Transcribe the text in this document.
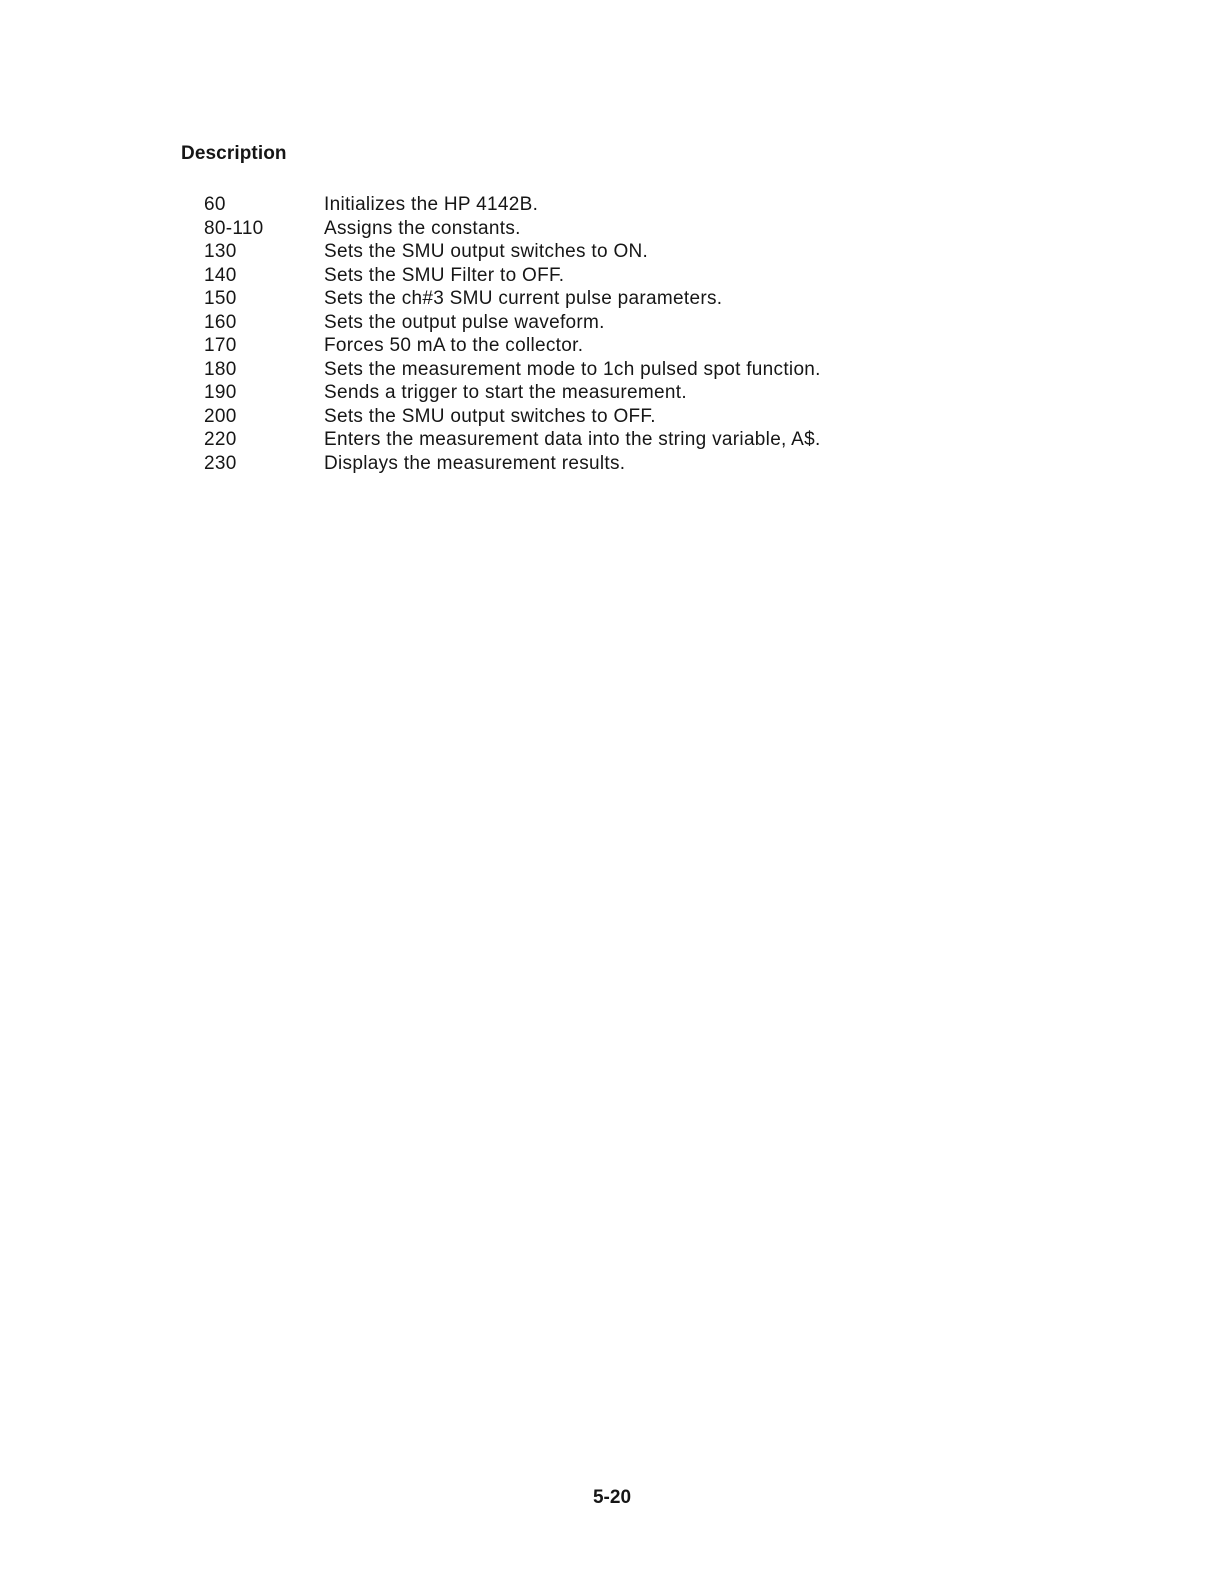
Description
60	Initializes the HP 4142B.
80-110	Assigns the constants.
130	Sets the SMU output switches to ON.
140	Sets the SMU Filter to OFF.
150	Sets the ch#3 SMU current pulse parameters.
160	Sets the output pulse waveform.
170	Forces 50 mA to the collector.
180	Sets the measurement mode to 1ch pulsed spot function.
190	Sends a trigger to start the measurement.
200	Sets the SMU output switches to OFF.
220	Enters the measurement data into the string variable, A$.
230	Displays the measurement results.
5-20
